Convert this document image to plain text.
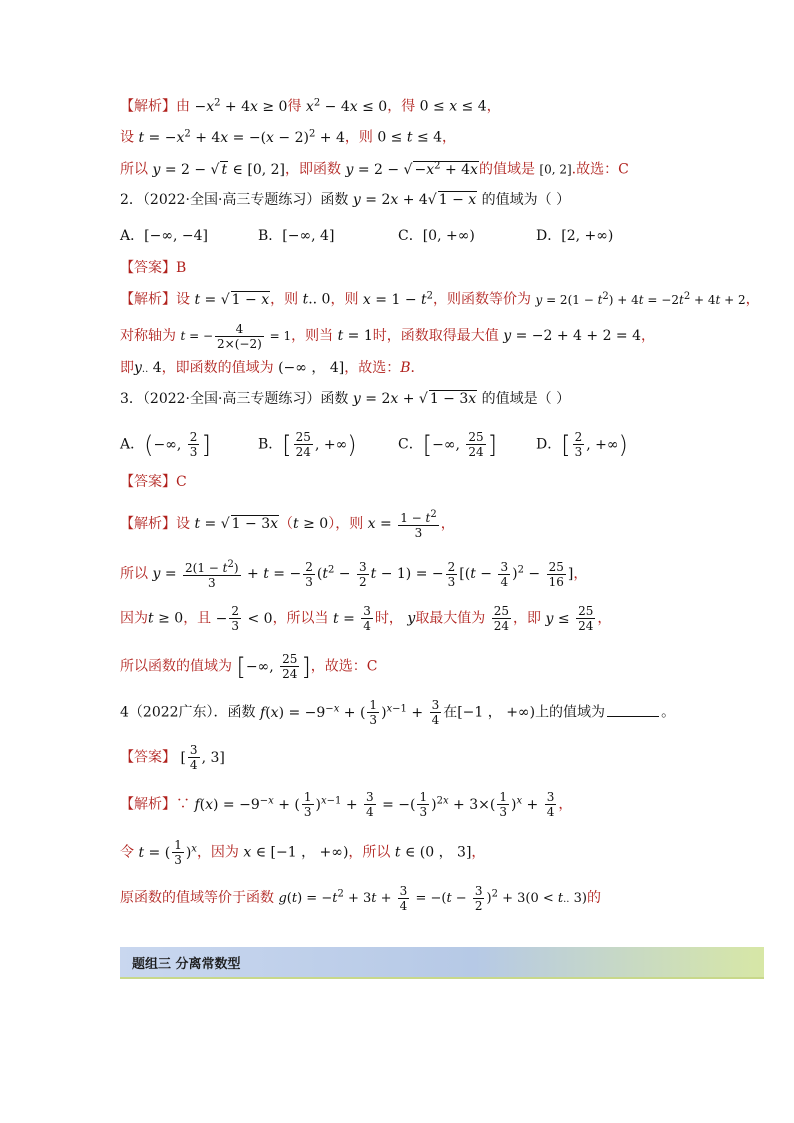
【解析】由 $-x^2 + 4x \ge 0$得 $x^2 - 4x \le 0$，得 0 ≤ x ≤ 4，
设 $t = -x^2 + 4x = -(x - 2)^2 + 4$，则 0 ≤ t ≤ 4，
所以 y = 2 − √ t ∈ [0, 2]，即函数 y = 2 − √ $-x^2 + 4x$的值域是 [0, 2].故选：C
2．（2022·全国·高三专题练习）函数 y = 2x + 4√ 1 − x 的值域为（ ）
A．[−∞, −4]	B．[−∞, 4]	C．[0, +∞)	D．[2, +∞)
【答案】B
【解析】设 t = √ 1 − x，则 t.. 0，则 $x = 1 - t^2$，则函数等价为 $y = 2(1 - t^2) + 4t = -2t^2 + 4t + 2$，
对称轴为 t = − $\frac{4}{2\times(-2)} = 1$，则当 t = 1时，函数取得最大值 y = −2 + 4 + 2 = 4，
即y.. 4，即函数的值域为 (−∞ ， 4]，故选：B．
3．（2022·全国·高三专题练习）函数 y = 2x + √ 1 − 3x 的值域是（ ）
A．(−∞, $\frac{2}{3}$ ]	B．[ $\frac{25}{24}$ , +∞)	C．[−∞, $\frac{25}{24}$ ]	D．[ $\frac{2}{3}$ , +∞)
【答案】C
【解析】设 t = √ 1 − 3x（t ≥ 0），则 $x = \frac{1 - t^2}{3}$ ，
所以 $y = \frac{2(1 - t^2)}{3} + t$ = − $\frac{2}{3} (t^2 - \frac{3}{2}$ t − 1) = − $\frac{2}{3} [(t - \frac{3}{4} )^2 - \frac{25}{16}$ ]，
因为t ≥ 0，且 − $\frac{2}{3} < 0$，所以当 $t = \frac{3}{4}$ 时， y取最大值为 $\frac{25}{24}$ ，即 $y \le \frac{25}{24}$ ，
所以函数的值域为 [−∞, $\frac{25}{24}$ ]，故选：C
4（2022广东）．函数 $f(x) = -9^{-x}$ + ( $\frac{1}{3} )^{x-1} + \frac{3}{4}$ 在[−1 ， +∞)上的值域为	。
【答案】 [ $\frac{3}{4}$ , 3]
【解析】∵ $f(x) = -9^{-x}$ + ( $\frac{1}{3} )^{x-1} + \frac{3}{4}$ = −( $\frac{1}{3} )^{2x} + 3\times( \frac{1}{3} )^x + \frac{3}{4}$ ，
令 t = ( $\frac{1}{3} )^x$，因为 x ∈ [−1 ， +∞)，所以 t ∈ (0 ， 3]，
原函数的值域等价于函数 $g(t) = -t^2 + 3t + \frac{3}{4} = -(t - \frac{3}{2} )^2 + 3(0 < t$.. 3)的
题组三 分离常数型
